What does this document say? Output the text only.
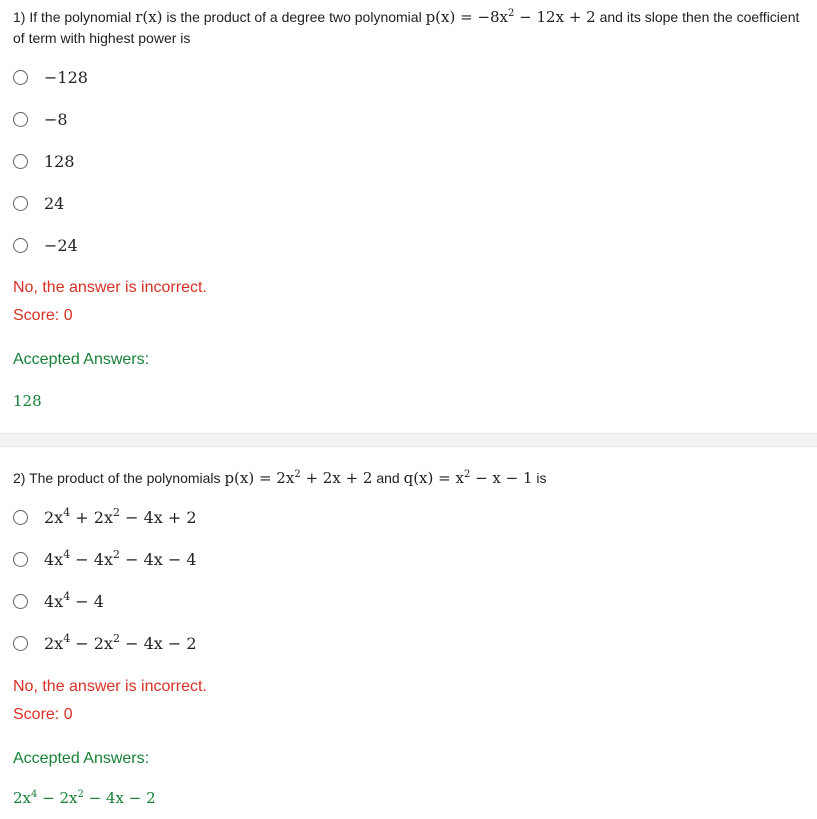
1) If the polynomial r(x) is the product of a degree two polynomial $p(x) = -8x^2 - 12x + 2$ and its slope then the coefficient of term with highest power is
−128
−8
128
24
−24
No, the answer is incorrect.
Score: 0
Accepted Answers:
128
2) The product of the polynomials $p(x) = 2x^2 + 2x + 2$ and $q(x) = x^2 - x - 1$ is
$2x^4 + 2x^2 - 4x + 2$
$4x^4 - 4x^2 - 4x - 4$
$4x^4 - 4$
$2x^4 - 2x^2 - 4x - 2$
No, the answer is incorrect.
Score: 0
Accepted Answers:
$2x^4 - 2x^2 - 4x - 2$
